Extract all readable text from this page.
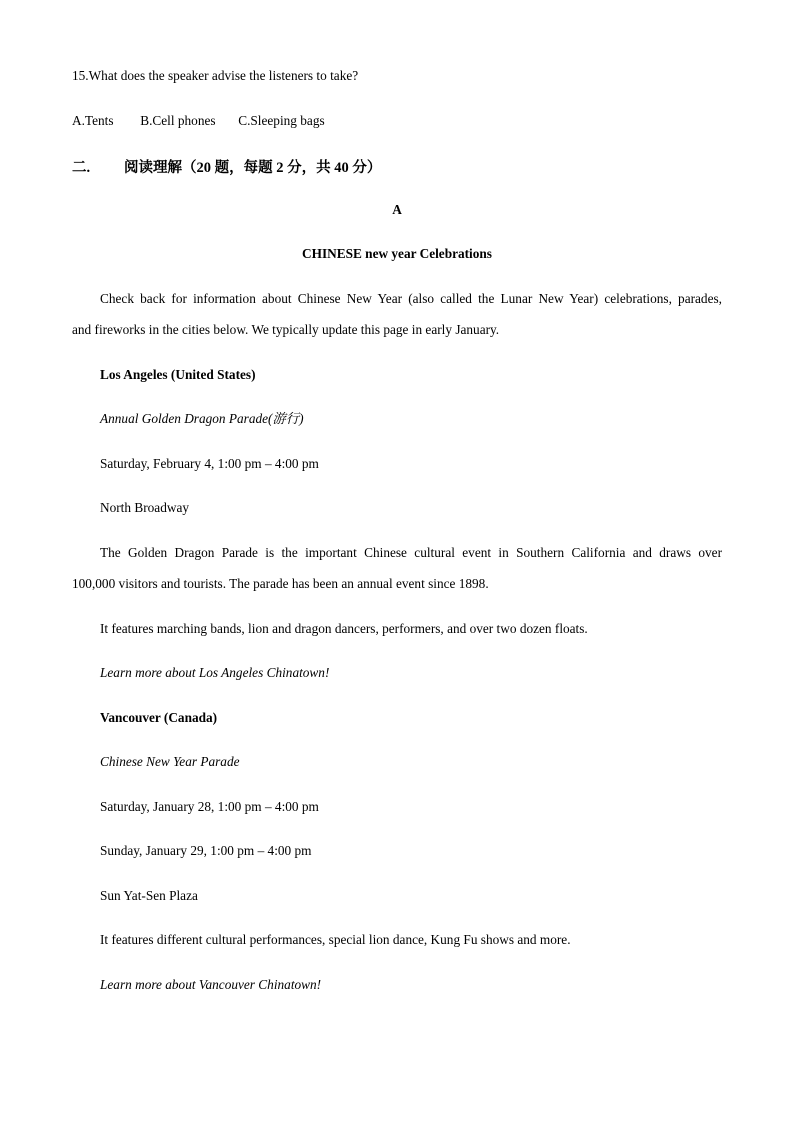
15.What does the speaker advise the listeners to take?
A.Tents B.Cell phones C.Sleeping bags
二. 阅读理解（20 题，每题 2 分，共 40 分）
A
CHINESE new year Celebrations
Check back for information about Chinese New Year (also called the Lunar New Year) celebrations, parades,
and fireworks in the cities below. We typically update this page in early January.
Los Angeles (United States)
Annual Golden Dragon Parade(游行)
Saturday, February 4, 1:00 pm – 4:00 pm
North Broadway
The Golden Dragon Parade is the important Chinese cultural event in Southern California and draws over
100,000 visitors and tourists. The parade has been an annual event since 1898.
It features marching bands, lion and dragon dancers, performers, and over two dozen floats.
Learn more about Los Angeles Chinatown!
Vancouver (Canada)
Chinese New Year Parade
Saturday, January 28, 1:00 pm – 4:00 pm
Sunday, January 29, 1:00 pm – 4:00 pm
Sun Yat-Sen Plaza
It features different cultural performances, special lion dance, Kung Fu shows and more.
Learn more about Vancouver Chinatown!
